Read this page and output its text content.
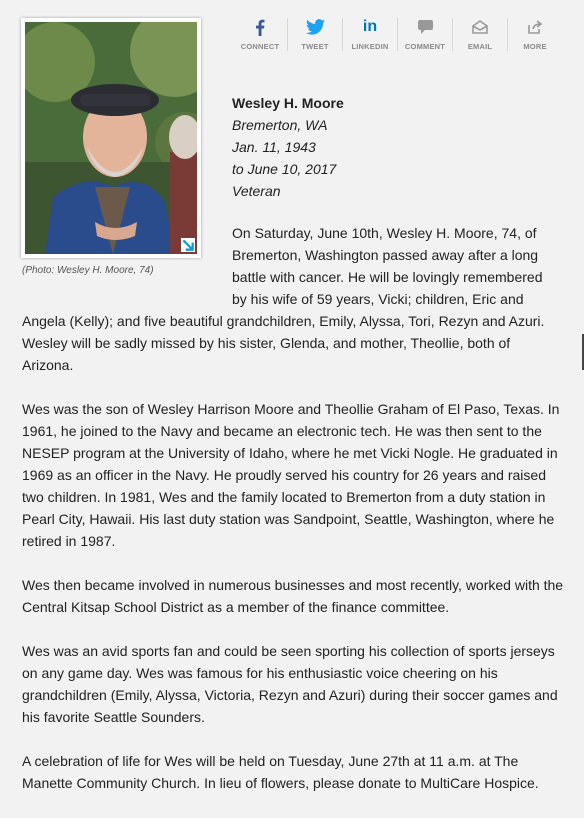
(Photo: Wesley H. Moore, 74)
CONNECT	TWEET
in
LINKEDIN COMMENT	EMAIL	MORE
Wesley H. Moore
Bremerton, WA
Jan. 11, 1943
to June 10, 2017
Veteran
On Saturday, June 10th, Wesley H. Moore, 74, of
Bremerton, Washington passed away after a long
battle with cancer. He will be lovingly remembered
by his wife of 59 years, Vicki; children, Eric and
Angela (Kelly); and five beautiful grandchildren, Emily, Alyssa, Tori, Rezyn and Azuri. Wesley will be sadly missed by his sister, Glenda, and mother, Theollie, both of Arizona.

Wes was the son of Wesley Harrison Moore and Theollie Graham of El Paso, Texas. In 1961, he joined to the Navy and became an electronic tech. He was then sent to the NESEP program at the University of Idaho, where he met Vicki Nogle. He graduated in 1969 as an officer in the Navy. He proudly served his country for 26 years and raised two children. In 1981, Wes and the family located to Bremerton from a duty station in Pearl City, Hawaii. His last duty station was Sandpoint, Seattle, Washington, where he retired in 1987.

Wes then became involved in numerous businesses and most recently, worked with the Central Kitsap School District as a member of the finance committee.

Wes was an avid sports fan and could be seen sporting his collection of sports jerseys on any game day. Wes was famous for his enthusiastic voice cheering on his grandchildren (Emily, Alyssa, Victoria, Rezyn and Azuri) during their soccer games and his favorite Seattle Sounders.

A celebration of life for Wes will be held on Tuesday, June 27th at 11 a.m. at The Manette Community Church. In lieu of flowers, please donate to MultiCare Hospice.
